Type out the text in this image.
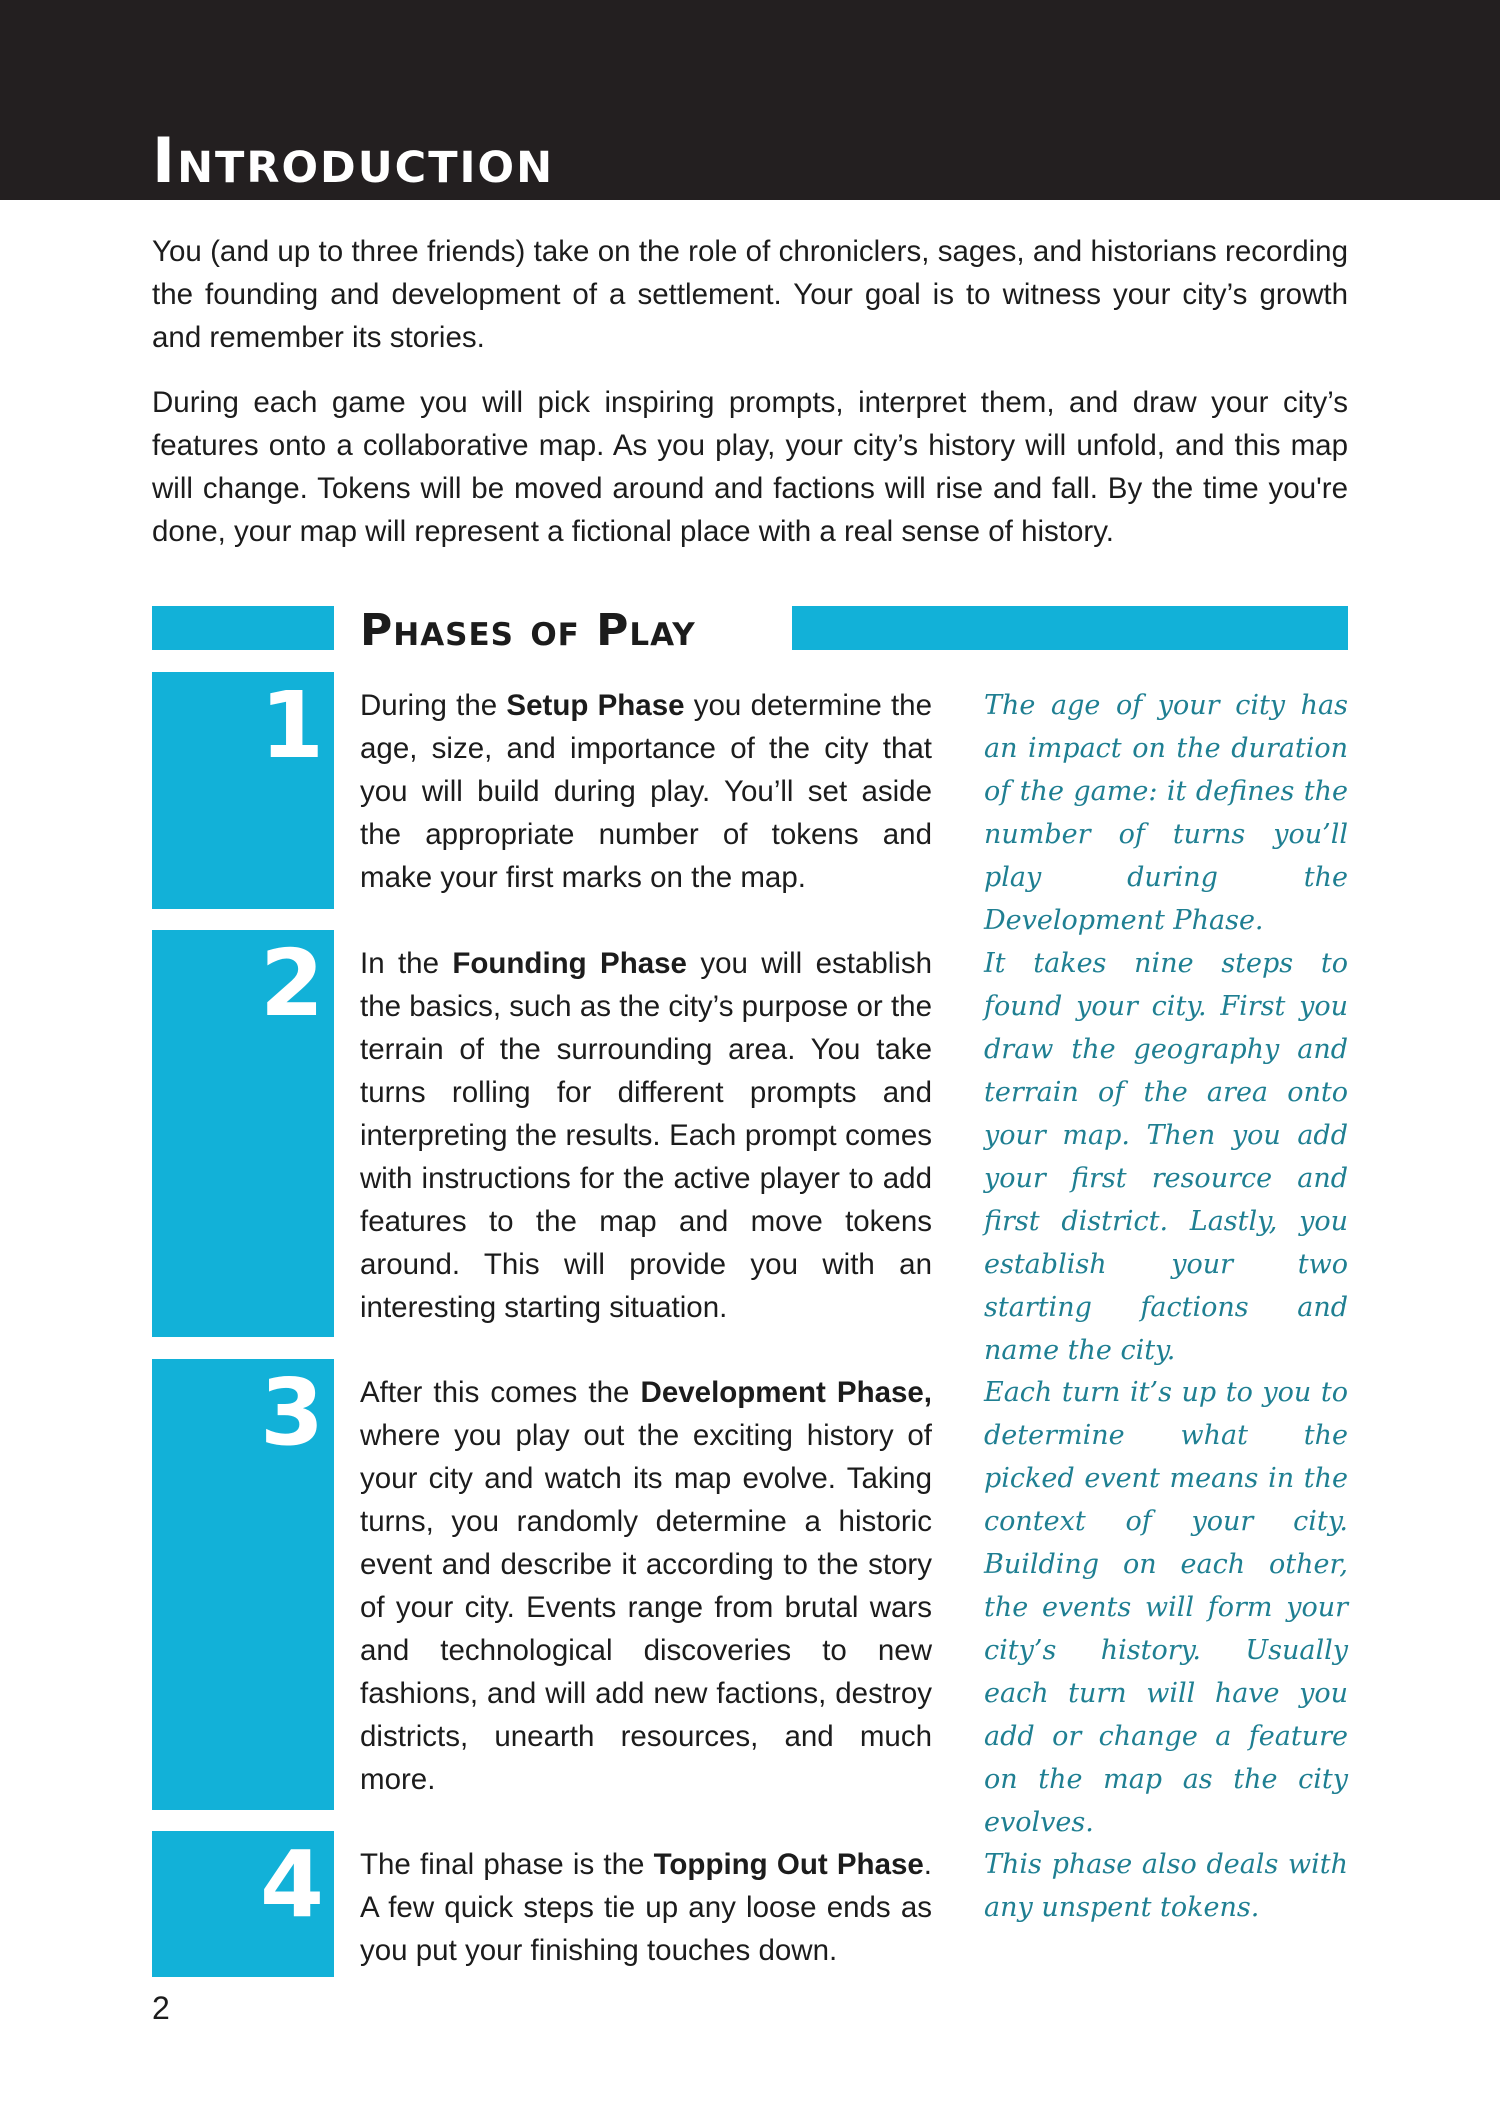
Introduction

You (and up to three friends) take on the role of chroniclers, sages, and historians recording the founding and development of a settlement. Your goal is to witness your city’s growth and remember its stories.

During each game you will pick inspiring prompts, interpret them, and draw your city’s features onto a collaborative map. As you play, your city’s history will unfold, and this map will change. Tokens will be moved around and factions will rise and fall. By the time you're done, your map will represent a fictional place with a real sense of history.

Phases of Play
1 During the Setup Phase you determine the age, size, and importance of the city that you will build during play. You’ll set aside the appropriate number of tokens and make your first marks on the map.

The age of your city has an impact on the duration of the game: it defines the number of turns you’ll play during the Development Phase.

2 In the Founding Phase you will establish the basics, such as the city’s purpose or the terrain of the surrounding area. You take turns rolling for different prompts and interpreting the results. Each prompt comes with instructions for the active player to add features to the map and move tokens around. This will provide you with an interesting starting situation.

It takes nine steps to found your city. First you draw the geography and terrain of the area onto your map. Then you add your first resource and first district. Lastly, you establish your two starting factions and name the city.

3 After this comes the Development Phase, where you play out the exciting history of your city and watch its map evolve. Taking turns, you randomly determine a historic event and describe it according to the story of your city. Events range from brutal wars and technological discoveries to new fashions, and will add new factions, destroy districts, unearth resources, and much more.

Each turn it’s up to you to determine what the picked event means in the context of your city. Building on each other, the events will form your city’s history. Usually each turn will have you add or change a feature on the map as the city evolves.

4 The final phase is the Topping Out Phase. A few quick steps tie up any loose ends as you put your finishing touches down.

This phase also deals with any unspent tokens.

2
